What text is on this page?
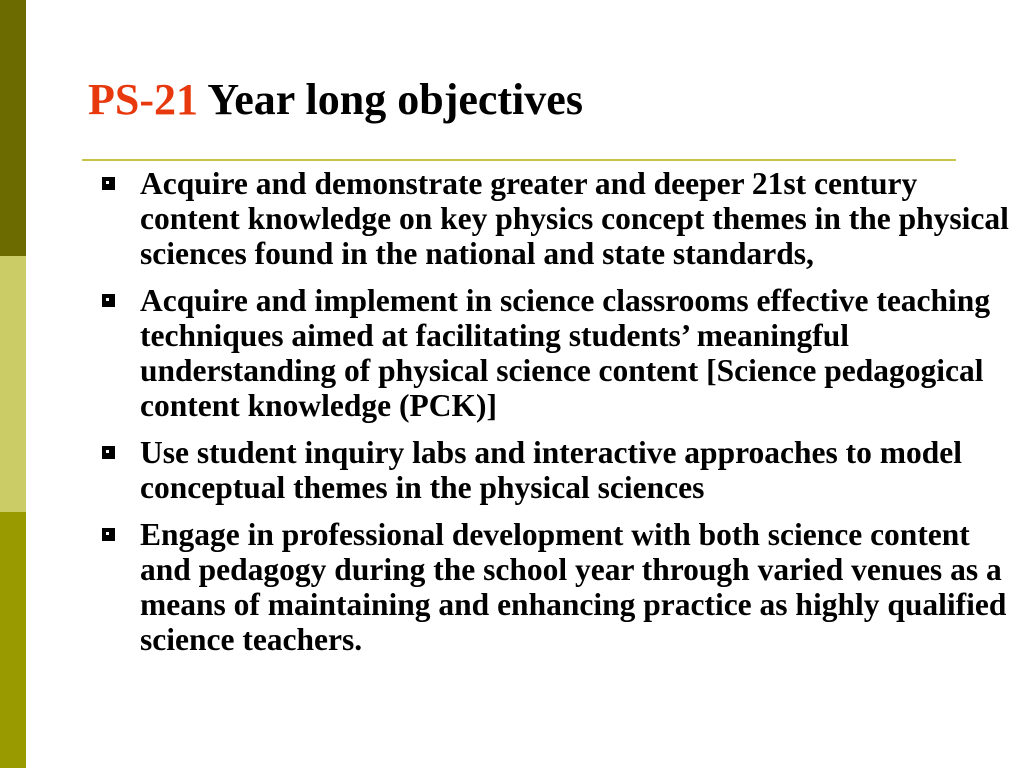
PS-21 Year long objectives
Acquire and demonstrate greater and deeper 21st century content knowledge on key physics concept themes in the physical sciences found in the national and state standards,
Acquire and implement in science classrooms effective teaching techniques aimed at facilitating students’ meaningful understanding of physical science content [Science pedagogical content knowledge (PCK)]
Use student inquiry labs and interactive approaches to model conceptual themes in the physical sciences
Engage in professional development with both science content and pedagogy during the school year through varied venues as a means of maintaining and enhancing practice as highly qualified science teachers.
